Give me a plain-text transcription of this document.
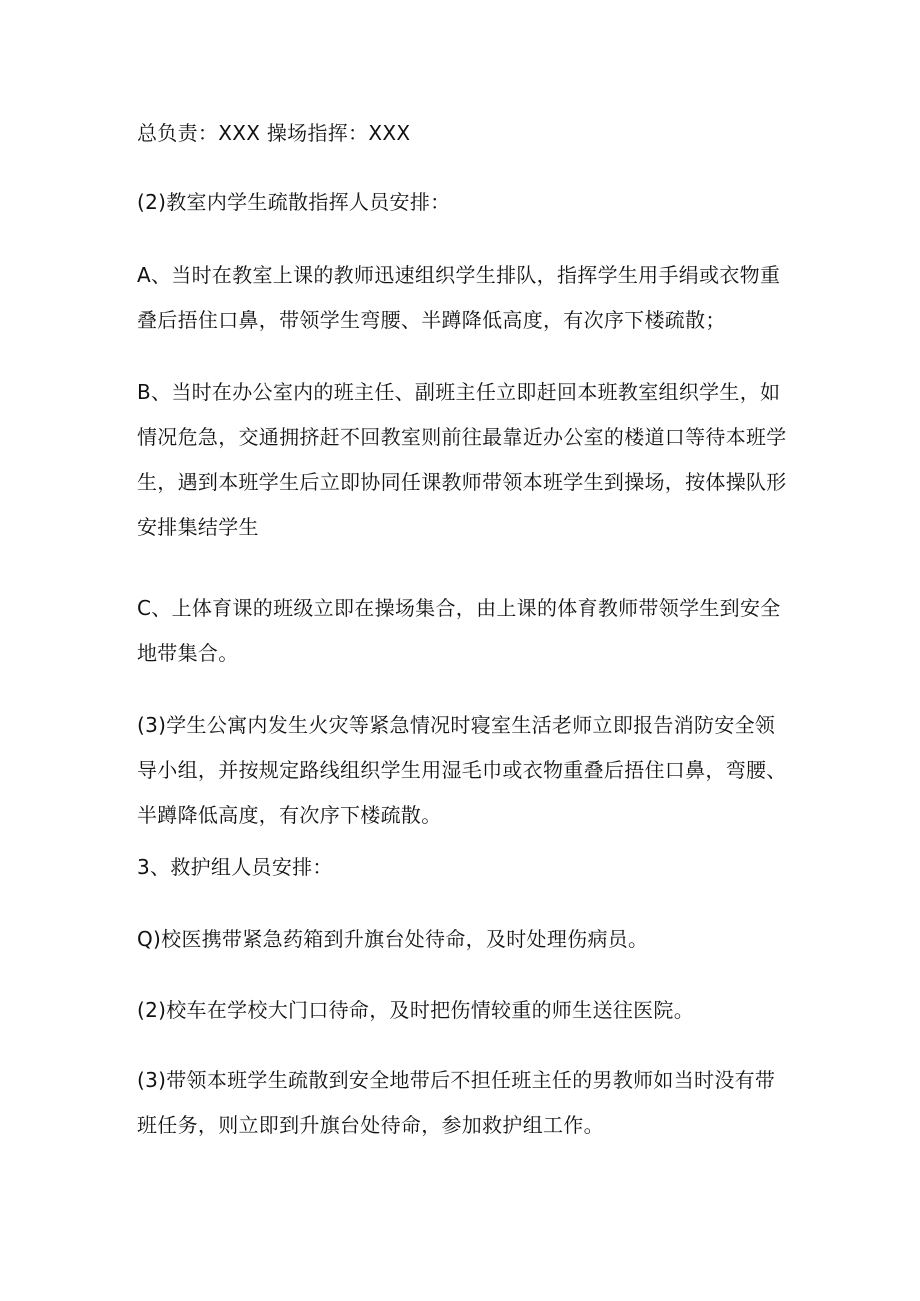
总负责：XXX 操场指挥：XXX
(2)教室内学生疏散指挥人员安排：
A、当时在教室上课的教师迅速组织学生排队，指挥学生用手绢或衣物重
叠后捂住口鼻，带领学生弯腰、半蹲降低高度，有次序下楼疏散；
B、当时在办公室内的班主任、副班主任立即赶回本班教室组织学生，如
情况危急，交通拥挤赶不回教室则前往最靠近办公室的楼道口等待本班学
生，遇到本班学生后立即协同任课教师带领本班学生到操场，按体操队形
安排集结学生
C、上体育课的班级立即在操场集合，由上课的体育教师带领学生到安全
地带集合。
(3)学生公寓内发生火灾等紧急情况时寝室生活老师立即报告消防安全领
导小组，并按规定路线组织学生用湿毛巾或衣物重叠后捂住口鼻，弯腰、
半蹲降低高度，有次序下楼疏散。
3、救护组人员安排：
Q)校医携带紧急药箱到升旗台处待命，及时处理伤病员。
(2)校车在学校大门口待命，及时把伤情较重的师生送往医院。
(3)带领本班学生疏散到安全地带后不担任班主任的男教师如当时没有带
班任务，则立即到升旗台处待命，参加救护组工作。
